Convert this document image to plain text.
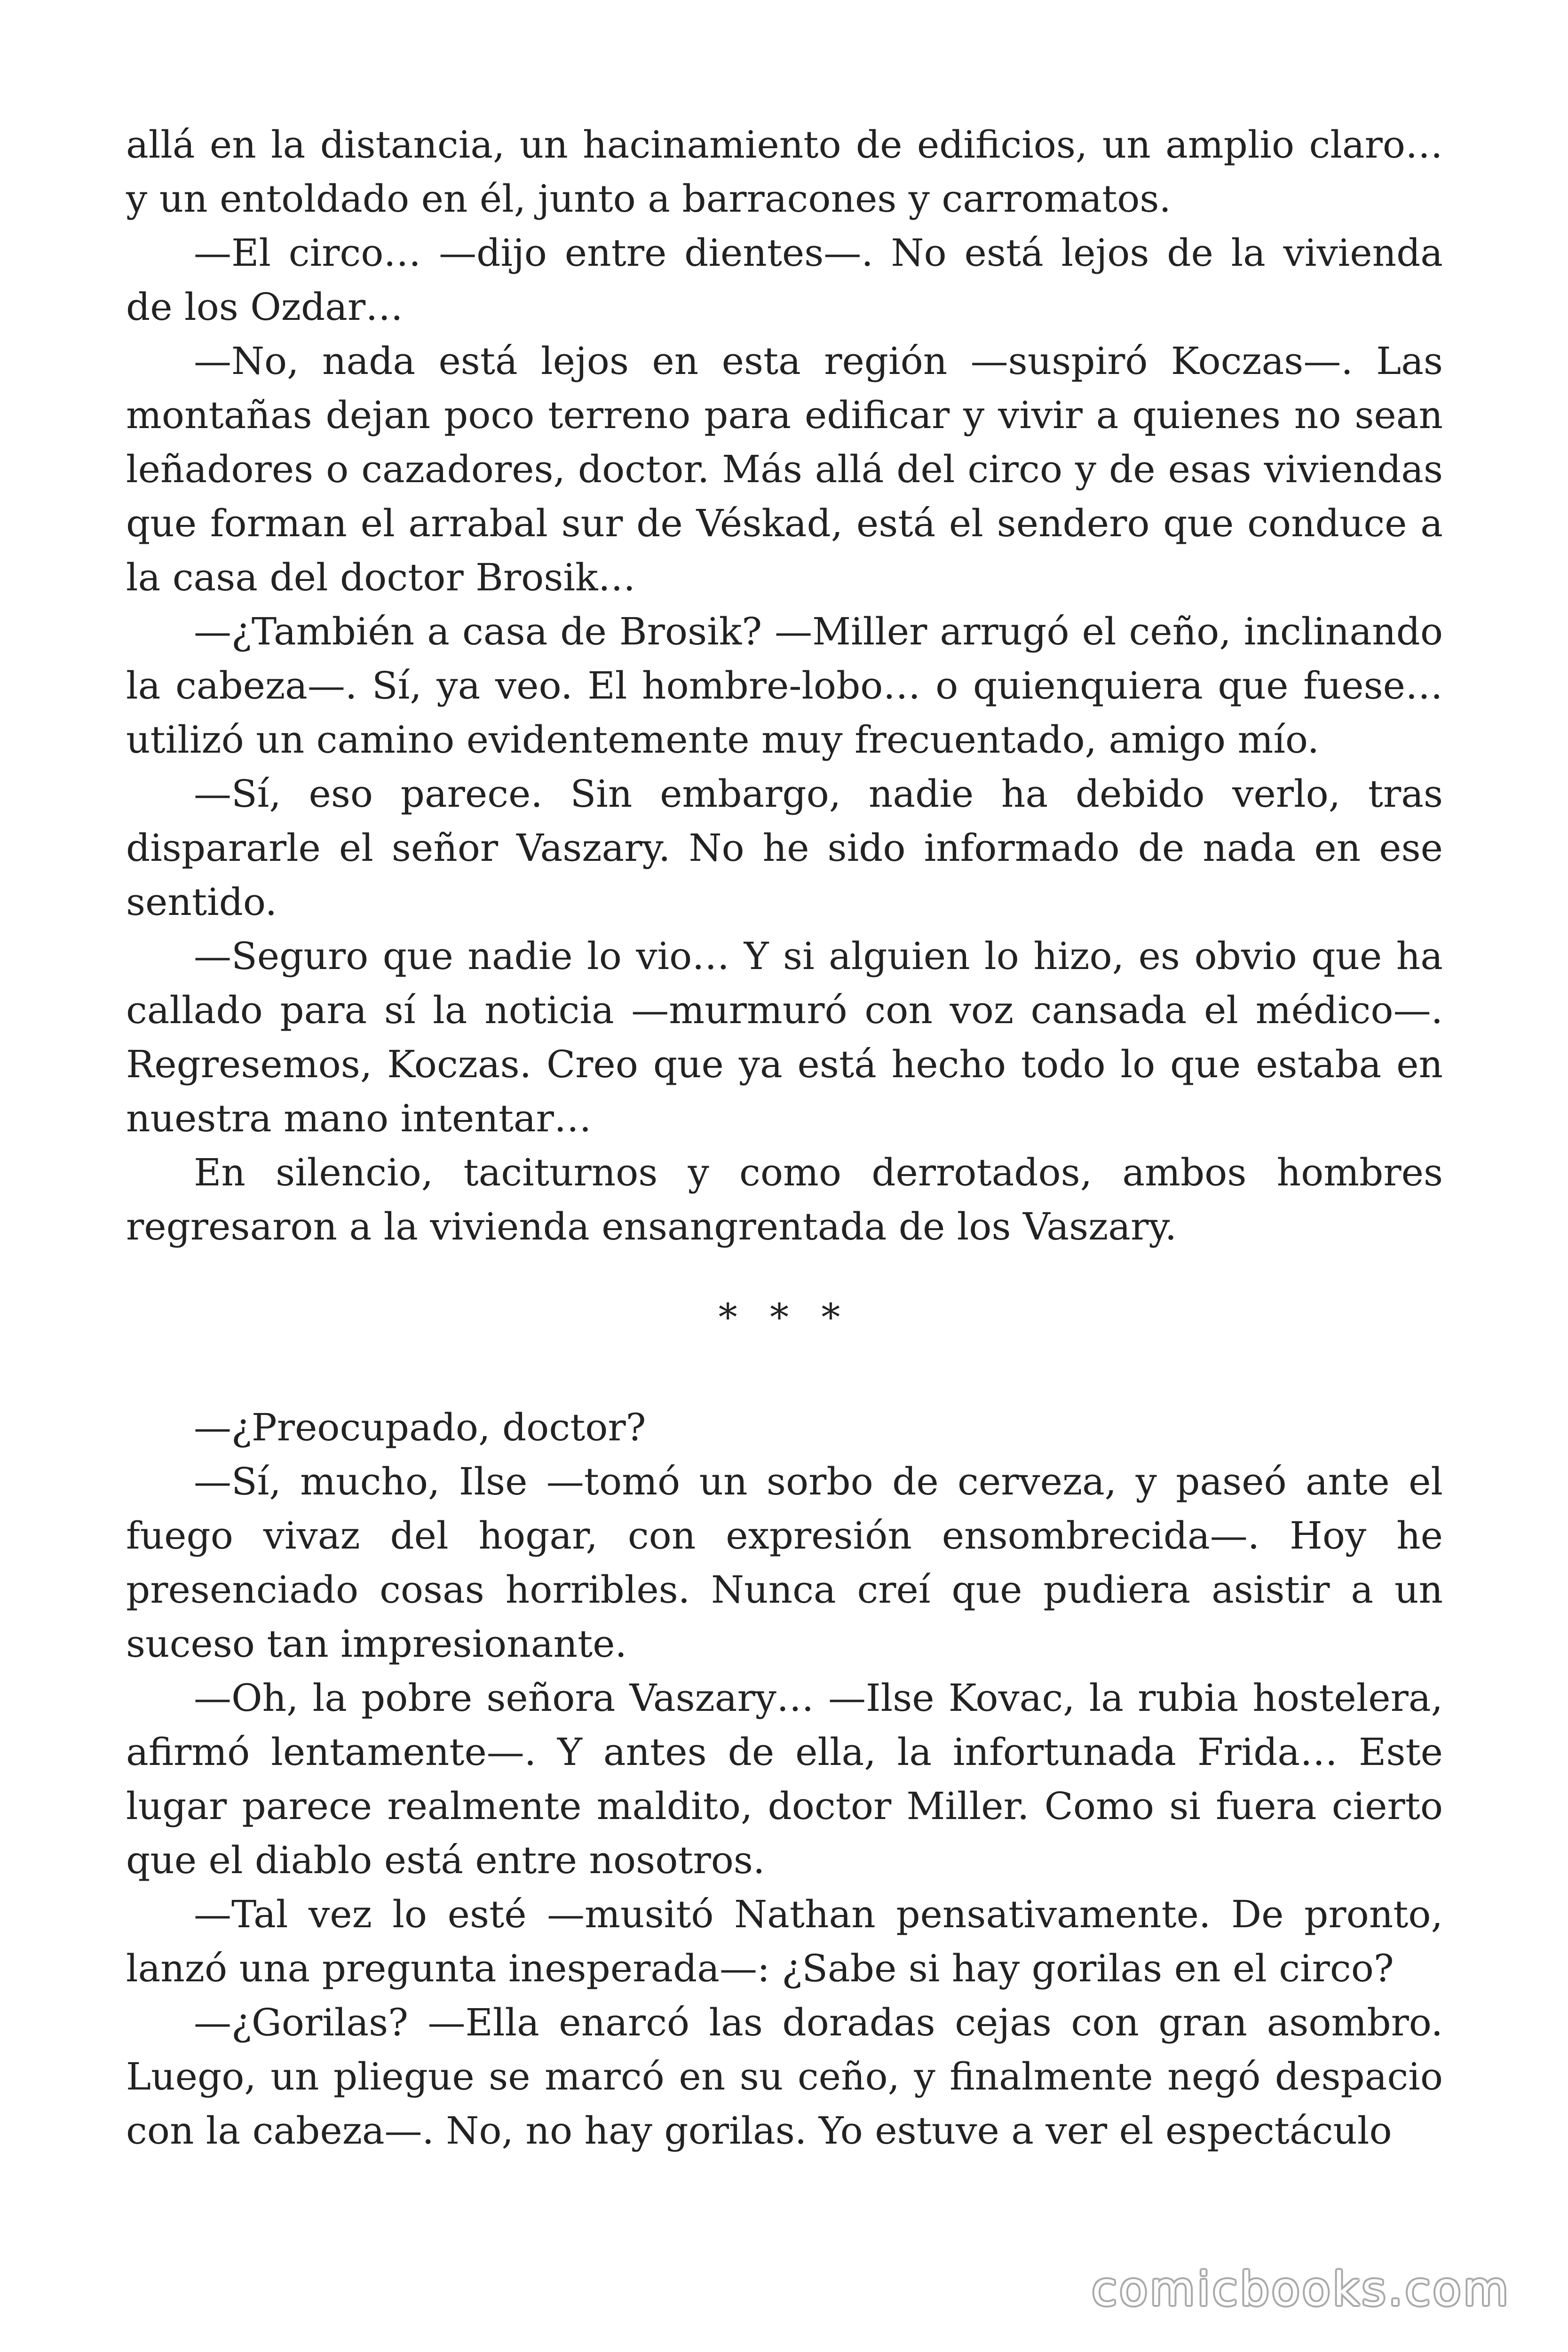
allá en la distancia, un hacinamiento de edificios, un amplio claro… y un entoldado en él, junto a barracones y carromatos.

—El circo… —dijo entre dientes—. No está lejos de la vivienda de los Ozdar…

—No, nada está lejos en esta región —suspiró Koczas—. Las montañas dejan poco terreno para edificar y vivir a quienes no sean leñadores o cazadores, doctor. Más allá del circo y de esas viviendas que forman el arrabal sur de Véskad, está el sendero que conduce a la casa del doctor Brosik…

—¿También a casa de Brosik? —Miller arrugó el ceño, inclinando la cabeza—. Sí, ya veo. El hombre-lobo… o quienquiera que fuese… utilizó un camino evidentemente muy frecuentado, amigo mío.

—Sí, eso parece. Sin embargo, nadie ha debido verlo, tras dispararle el señor Vaszary. No he sido informado de nada en ese sentido.

—Seguro que nadie lo vio… Y si alguien lo hizo, es obvio que ha callado para sí la noticia —murmuró con voz cansada el médico—. Regresemos, Koczas. Creo que ya está hecho todo lo que estaba en nuestra mano intentar…

En silencio, taciturnos y como derrotados, ambos hombres regresaron a la vivienda ensangrentada de los Vaszary.

* * *

—¿Preocupado, doctor?

—Sí, mucho, Ilse —tomó un sorbo de cerveza, y paseó ante el fuego vivaz del hogar, con expresión ensombrecida—. Hoy he presenciado cosas horribles. Nunca creí que pudiera asistir a un suceso tan impresionante.

—Oh, la pobre señora Vaszary… —Ilse Kovac, la rubia hostelera, afirmó lentamente—. Y antes de ella, la infortunada Frida… Este lugar parece realmente maldito, doctor Miller. Como si fuera cierto que el diablo está entre nosotros.

—Tal vez lo esté —musitó Nathan pensativamente. De pronto, lanzó una pregunta inesperada—: ¿Sabe si hay gorilas en el circo?

—¿Gorilas? —Ella enarcó las doradas cejas con gran asombro. Luego, un pliegue se marcó en su ceño, y finalmente negó despacio con la cabeza—. No, no hay gorilas. Yo estuve a ver el espectáculo

comicbooks.com
